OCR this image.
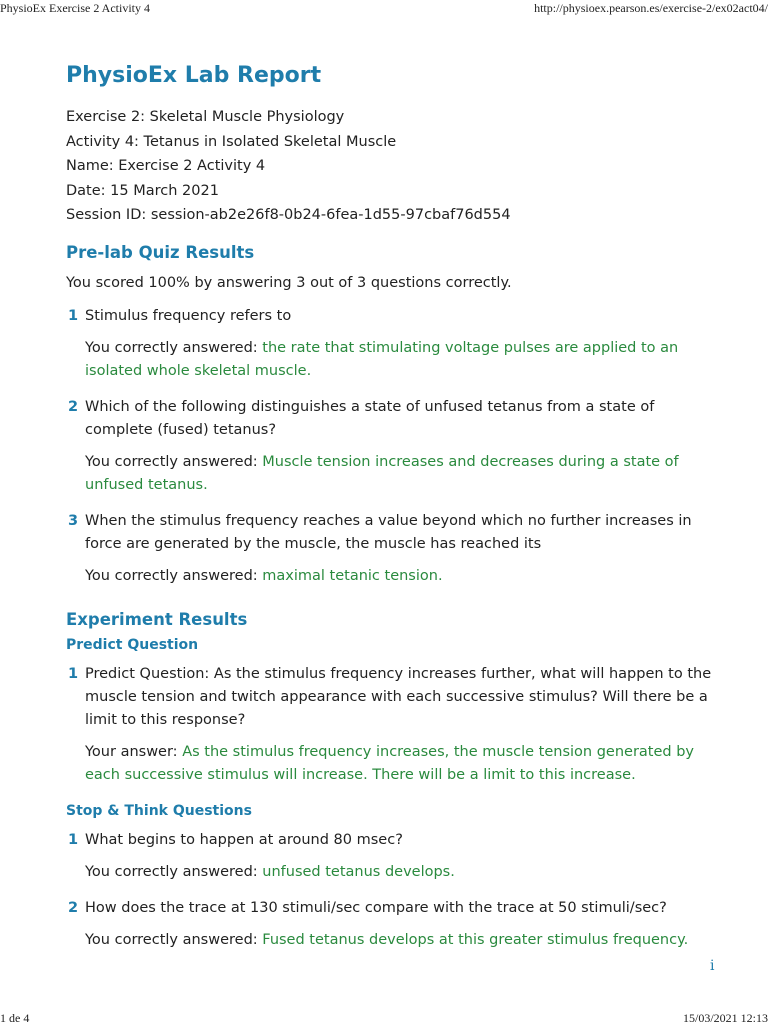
PhysioEx Exercise 2 Activity 4	http://physioex.pearson.es/exercise-2/ex02act04/
PhysioEx Lab Report
Exercise 2: Skeletal Muscle Physiology
Activity 4: Tetanus in Isolated Skeletal Muscle
Name: Exercise 2 Activity 4
Date: 15 March 2021
Session ID: session-ab2e26f8-0b24-6fea-1d55-97cbaf76d554
Pre-lab Quiz Results

You scored 100% by answering 3 out of 3 questions correctly.

1 Stimulus frequency refers to

You correctly answered: the rate that stimulating voltage pulses are applied to an isolated whole skeletal muscle.

2 Which of the following distinguishes a state of unfused tetanus from a state of complete (fused) tetanus?

You correctly answered: Muscle tension increases and decreases during a state of unfused tetanus.

3 When the stimulus frequency reaches a value beyond which no further increases in force are generated by the muscle, the muscle has reached its

You correctly answered: maximal tetanic tension.

Experiment Results
Predict Question
1 Predict Question: As the stimulus frequency increases further, what will happen to the muscle tension and twitch appearance with each successive stimulus? Will there be a limit to this response?

Your answer: As the stimulus frequency increases, the muscle tension generated by each successive stimulus will increase. There will be a limit to this increase.

Stop & Think Questions
1 What begins to happen at around 80 msec?

You correctly answered: unfused tetanus develops.

2 How does the trace at 130 stimuli/sec compare with the trace at 50 stimuli/sec?

You correctly answered: Fused tetanus develops at this greater stimulus frequency.

i
1 de 4	15/03/2021 12:13
